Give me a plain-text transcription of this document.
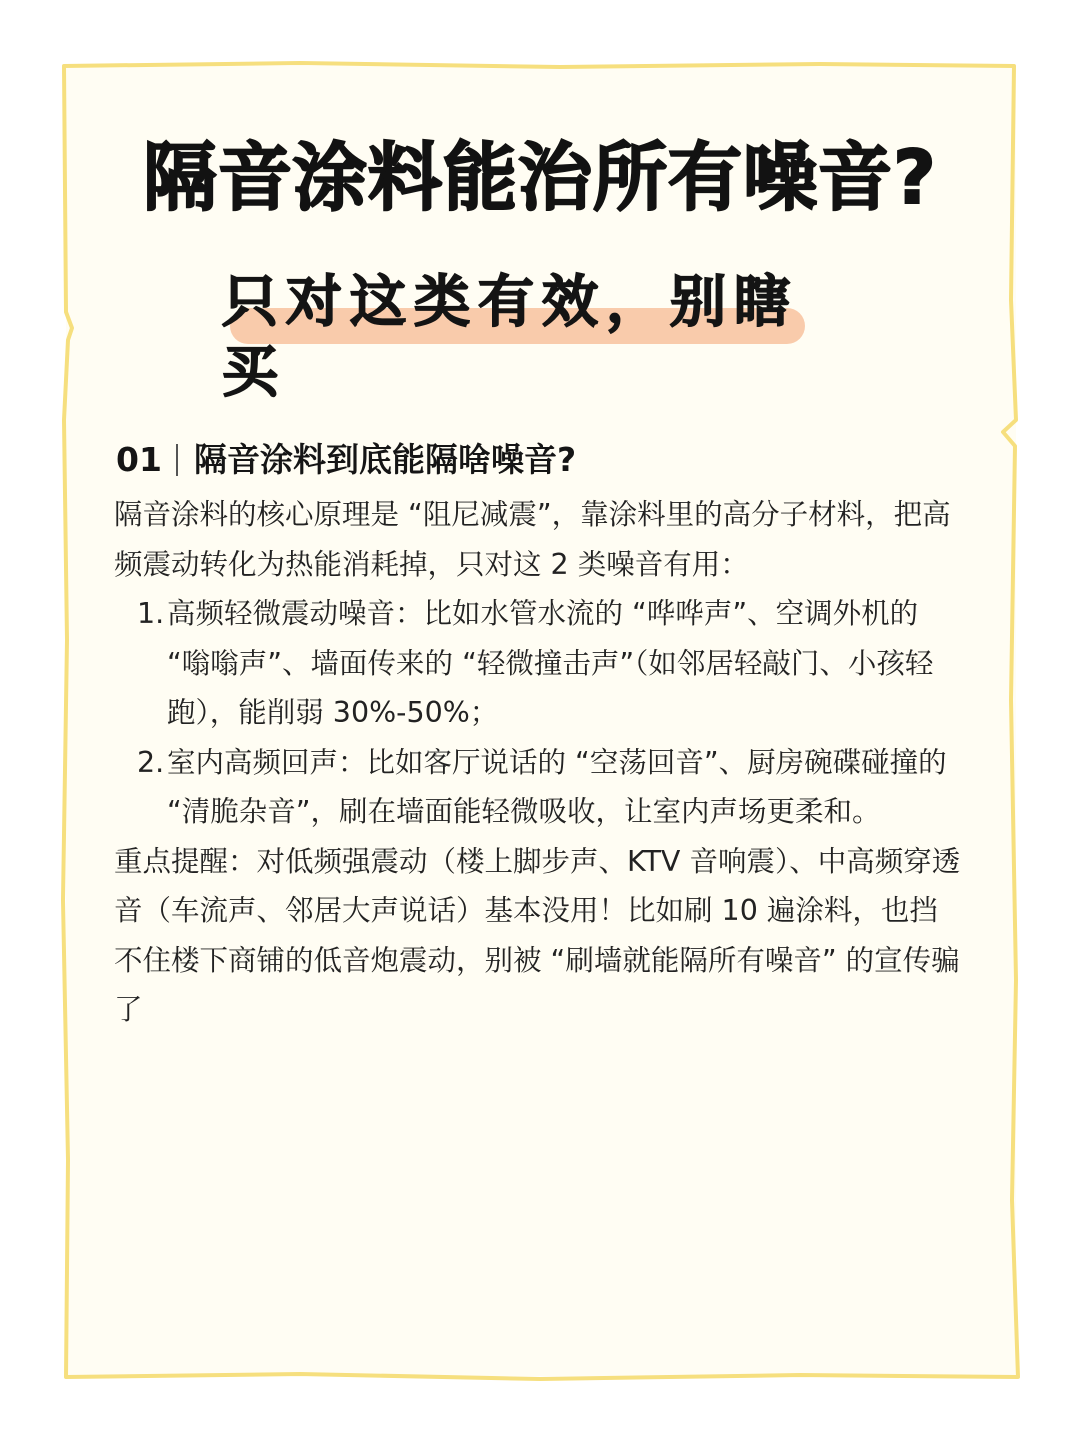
隔音涂料能治所有噪音?
只对这类有效，别瞎买
01 隔音涂料到底能隔啥噪音?

隔音涂料的核心原理是 “阻尼减震”，靠涂料里的高分子材料，把高频震动转化为热能消耗掉，只对这 2 类噪音有用：

1. 高频轻微震动噪音：比如水管水流的 “哗哗声”、空调外机的 “嗡嗡声”、墙面传来的 “轻微撞击声”（如邻居轻敲门、小孩轻跑），能削弱 30%-50%；
2. 室内高频回声：比如客厅说话的 “空荡回音”、厨房碗碟碰撞的 “清脆杂音”，刷在墙面能轻微吸收，让室内声场更柔和。

重点提醒：对低频强震动（楼上脚步声、KTV 音响震）、中高频穿透音（车流声、邻居大声说话）基本没用！比如刷 10 遍涂料，也挡不住楼下商铺的低音炮震动，别被 “刷墙就能隔所有噪音” 的宣传骗了
